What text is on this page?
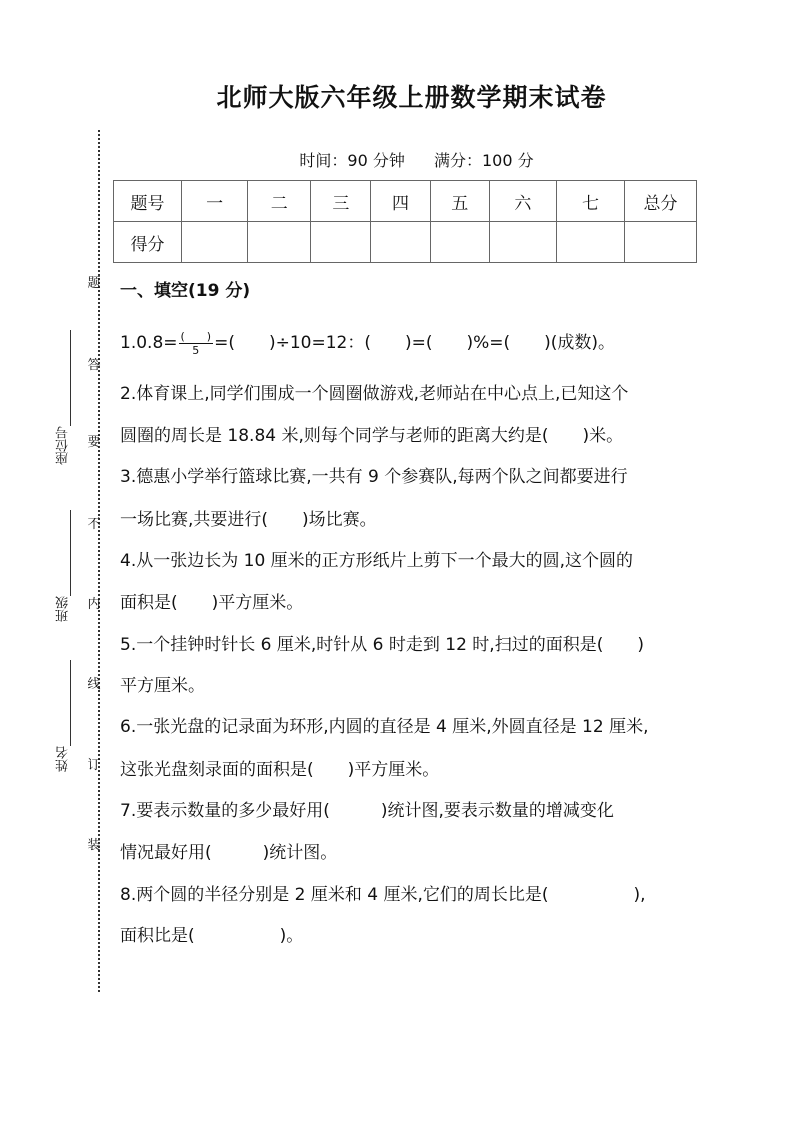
题
答
要
不
内
线
订
装
座位号
班级
姓名
北师大版六年级上册数学期末试卷
时间：90 分钟 满分：100 分
题号	一	二	三	四	五	六	七	总分
得分								
一、填空(19 分)
$1.0.8= \frac{( )}{5}$ =(　　)÷10=12：(　　)=(　　)%=(　　)(成数)。
2.体育课上,同学们围成一个圆圈做游戏,老师站在中心点上,已知这个
圆圈的周长是 18.84 米,则每个同学与老师的距离大约是(　　)米。
3.德惠小学举行篮球比赛,一共有 9 个参赛队,每两个队之间都要进行
一场比赛,共要进行(　　)场比赛。
4.从一张边长为 10 厘米的正方形纸片上剪下一个最大的圆,这个圆的
面积是(　　)平方厘米。
5.一个挂钟时针长 6 厘米,时针从 6 时走到 12 时,扫过的面积是(　　)
平方厘米。
6.一张光盘的记录面为环形,内圆的直径是 4 厘米,外圆直径是 12 厘米,
这张光盘刻录面的面积是(　　)平方厘米。
7.要表示数量的多少最好用(　　　)统计图,要表示数量的增减变化
情况最好用(　　　)统计图。
8.两个圆的半径分别是 2 厘米和 4 厘米,它们的周长比是(　　　　　),
面积比是(　　　　　)。
